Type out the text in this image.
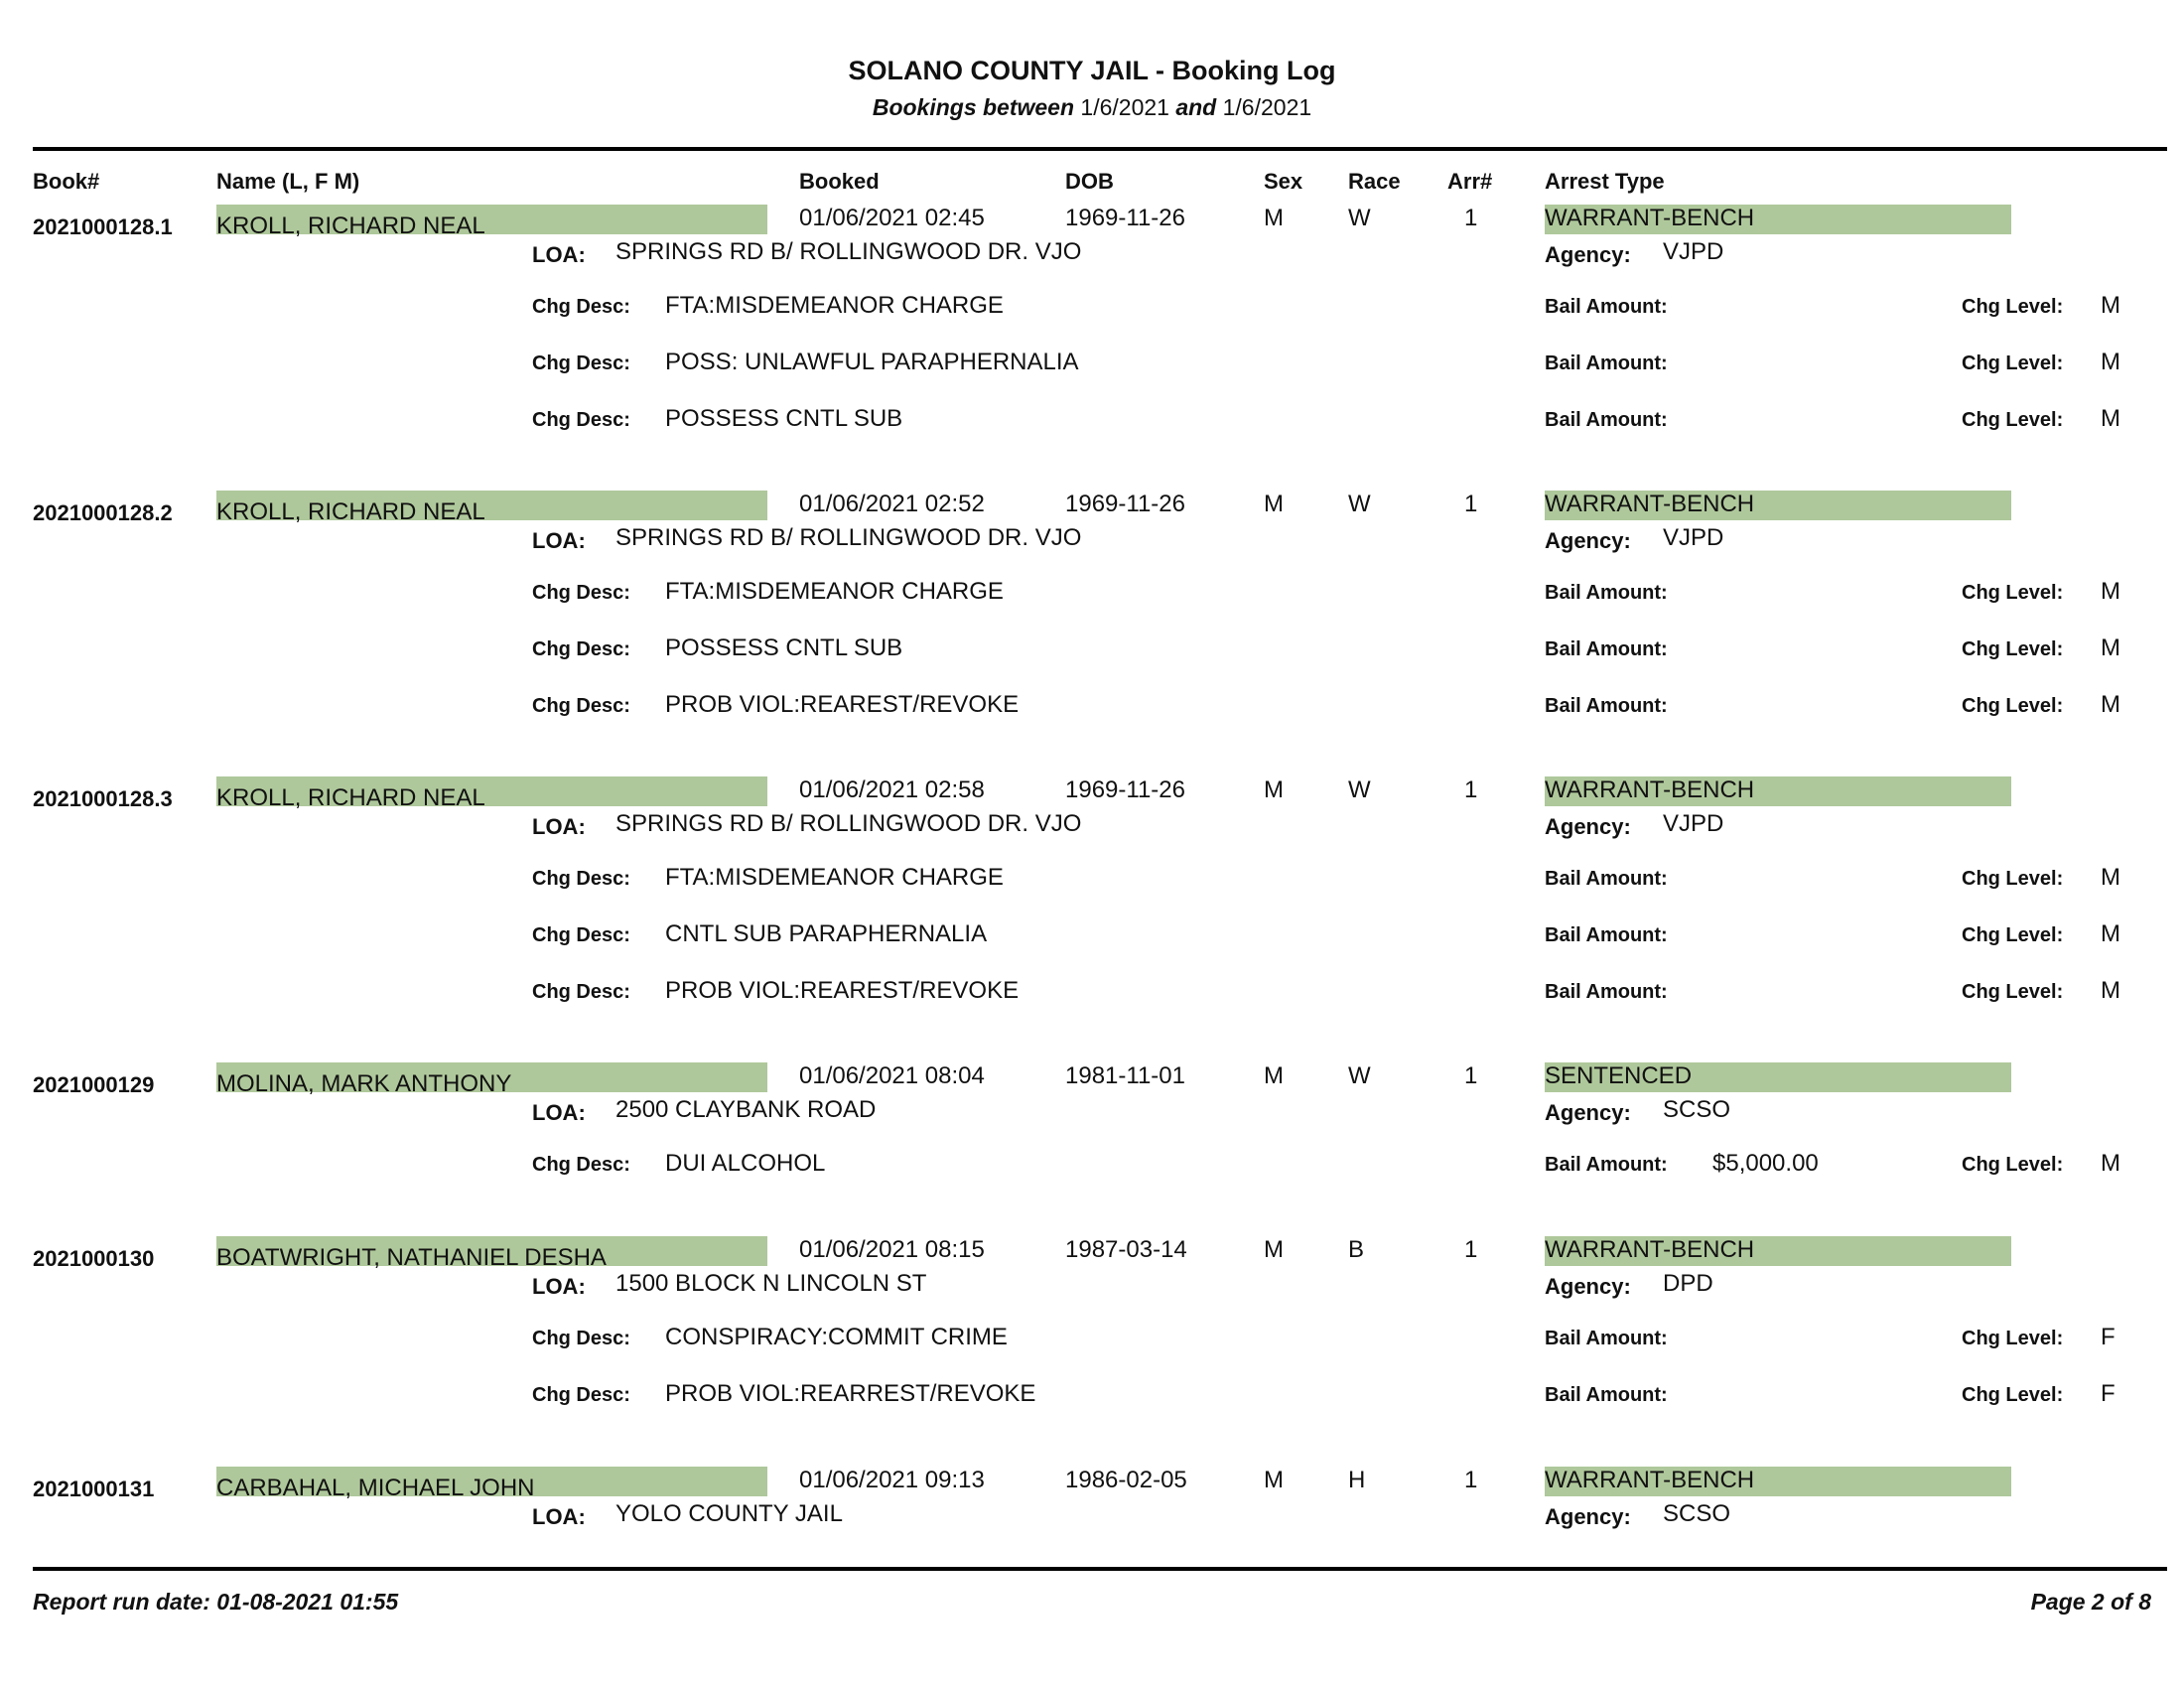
SOLANO COUNTY JAIL - Booking Log
Bookings between 1/6/2021 and 1/6/2021
Book#	Name (L, F M)	Booked	DOB	Sex Race Arr# Arrest Type
2021000128.1 KROLL, RICHARD NEAL	01/06/2021 02:45	1969-11-26	M	W	1	WARRANT-BENCH
LOA: SPRINGS RD B/ ROLLINGWOOD DR. VJO	Agency: VJPD
Chg Desc: FTA:MISDEMEANOR CHARGE	Bail Amount:	Chg Level: M
Chg Desc: POSS: UNLAWFUL PARAPHERNALIA	Bail Amount:	Chg Level: M
Chg Desc: POSSESS CNTL SUB	Bail Amount:	Chg Level: M
2021000128.2 KROLL, RICHARD NEAL	01/06/2021 02:52	1969-11-26	M	W	1	WARRANT-BENCH
LOA: SPRINGS RD B/ ROLLINGWOOD DR. VJO	Agency: VJPD
Chg Desc: FTA:MISDEMEANOR CHARGE	Bail Amount:	Chg Level: M
Chg Desc: POSSESS CNTL SUB	Bail Amount:	Chg Level: M
Chg Desc: PROB VIOL:REAREST/REVOKE	Bail Amount:	Chg Level: M
2021000128.3 KROLL, RICHARD NEAL	01/06/2021 02:58	1969-11-26	M	W	1	WARRANT-BENCH
LOA: SPRINGS RD B/ ROLLINGWOOD DR. VJO	Agency: VJPD
Chg Desc: FTA:MISDEMEANOR CHARGE	Bail Amount:	Chg Level: M
Chg Desc: CNTL SUB PARAPHERNALIA	Bail Amount:	Chg Level: M
Chg Desc: PROB VIOL:REAREST/REVOKE	Bail Amount:	Chg Level: M
2021000129	MOLINA, MARK ANTHONY	01/06/2021 08:04	1981-11-01	M	W	1	SENTENCED
LOA: 2500 CLAYBANK ROAD	Agency: SCSO
Chg Desc: DUI ALCOHOL	Bail Amount: $5,000.00	Chg Level: M
2021000130	BOATWRIGHT, NATHANIEL DESHA	01/06/2021 08:15	1987-03-14	M	B	1	WARRANT-BENCH
LOA: 1500 BLOCK N LINCOLN ST	Agency: DPD
Chg Desc: CONSPIRACY:COMMIT CRIME	Bail Amount:	Chg Level: F
Chg Desc: PROB VIOL:REARREST/REVOKE	Bail Amount:	Chg Level: F
2021000131	CARBAHAL, MICHAEL JOHN	01/06/2021 09:13	1986-02-05	M	H	1	WARRANT-BENCH
LOA: YOLO COUNTY JAIL	Agency: SCSO
Report run date: 01-08-2021 01:55	Page 2 of 8
